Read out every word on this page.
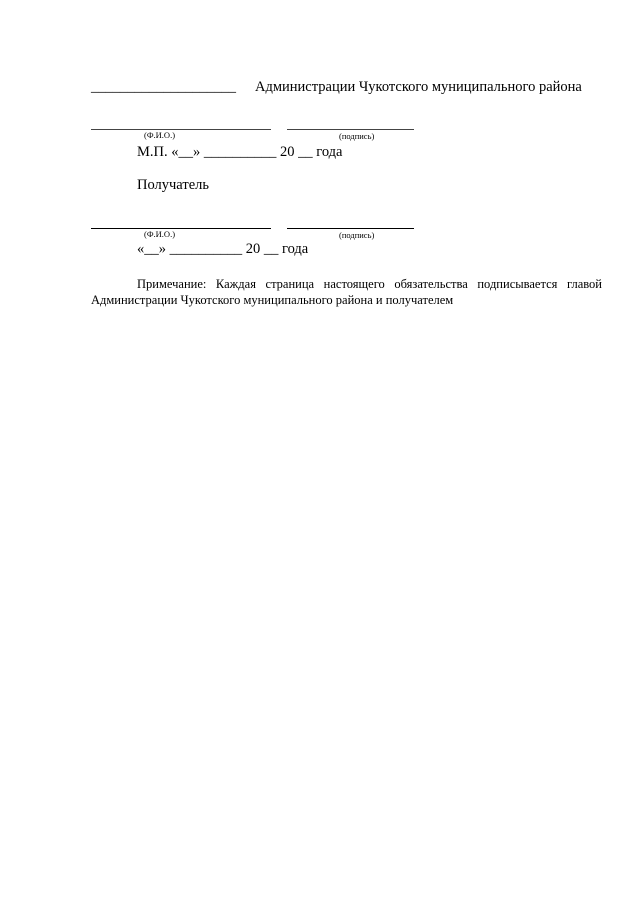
____________________ Администрации Чукотского муниципального района
(Ф.И.О.)	(подпись)
М.П. «__» __________ 20 __ года
Получатель
(Ф.И.О.)	(подпись)
«__» __________ 20 __ года

Примечание: Каждая страница настоящего обязательства подписывается главой Администрации Чукотского муниципального района и получателем
